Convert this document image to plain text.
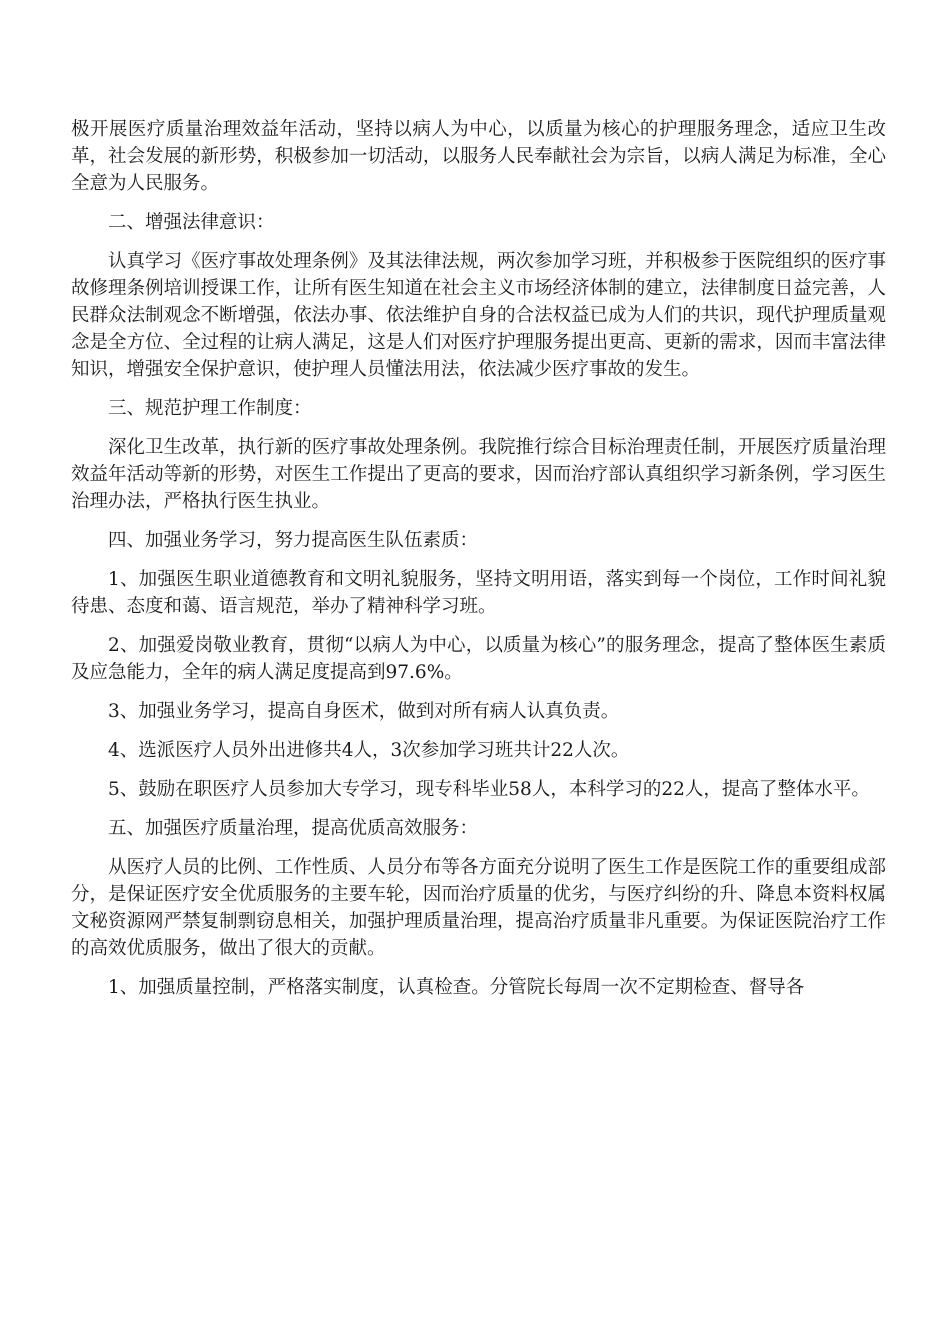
极开展医疗质量治理效益年活动，坚持以病人为中心，以质量为核心的护理服务理念，适应卫生改革，社会发展的新形势，积极参加一切活动，以服务人民奉献社会为宗旨，以病人满足为标准，全心全意为人民服务。

二、增强法律意识：

认真学习《医疗事故处理条例》及其法律法规，两次参加学习班，并积极参于医院组织的医疗事故修理条例培训授课工作，让所有医生知道在社会主义市场经济体制的建立，法律制度日益完善，人民群众法制观念不断增强，依法办事、依法维护自身的合法权益已成为人们的共识，现代护理质量观念是全方位、全过程的让病人满足，这是人们对医疗护理服务提出更高、更新的需求，因而丰富法律知识，增强安全保护意识，使护理人员懂法用法，依法减少医疗事故的发生。

三、规范护理工作制度：

深化卫生改革，执行新的医疗事故处理条例。我院推行综合目标治理责任制，开展医疗质量治理效益年活动等新的形势，对医生工作提出了更高的要求，因而治疗部认真组织学习新条例，学习医生治理办法，严格执行医生执业。

四、加强业务学习，努力提高医生队伍素质：

1、加强医生职业道德教育和文明礼貌服务，坚持文明用语，落实到每一个岗位，工作时间礼貌待患、态度和蔼、语言规范，举办了精神科学习班。

2、加强爱岗敬业教育，贯彻“以病人为中心，以质量为核心”的服务理念，提高了整体医生素质及应急能力，全年的病人满足度提高到97.6%。

3、加强业务学习，提高自身医术，做到对所有病人认真负责。

4、选派医疗人员外出进修共4人，3次参加学习班共计22人次。

5、鼓励在职医疗人员参加大专学习，现专科毕业58人，本科学习的22人，提高了整体水平。

五、加强医疗质量治理，提高优质高效服务：

从医疗人员的比例、工作性质、人员分布等各方面充分说明了医生工作是医院工作的重要组成部分，是保证医疗安全优质服务的主要车轮，因而治疗质量的优劣，与医疗纠纷的升、降息本资料权属文秘资源网严禁复制剽窃息相关，加强护理质量治理，提高治疗质量非凡重要。为保证医院治疗工作的高效优质服务，做出了很大的贡献。

1、加强质量控制，严格落实制度，认真检查。分管院长每周一次不定期检查、督导各
